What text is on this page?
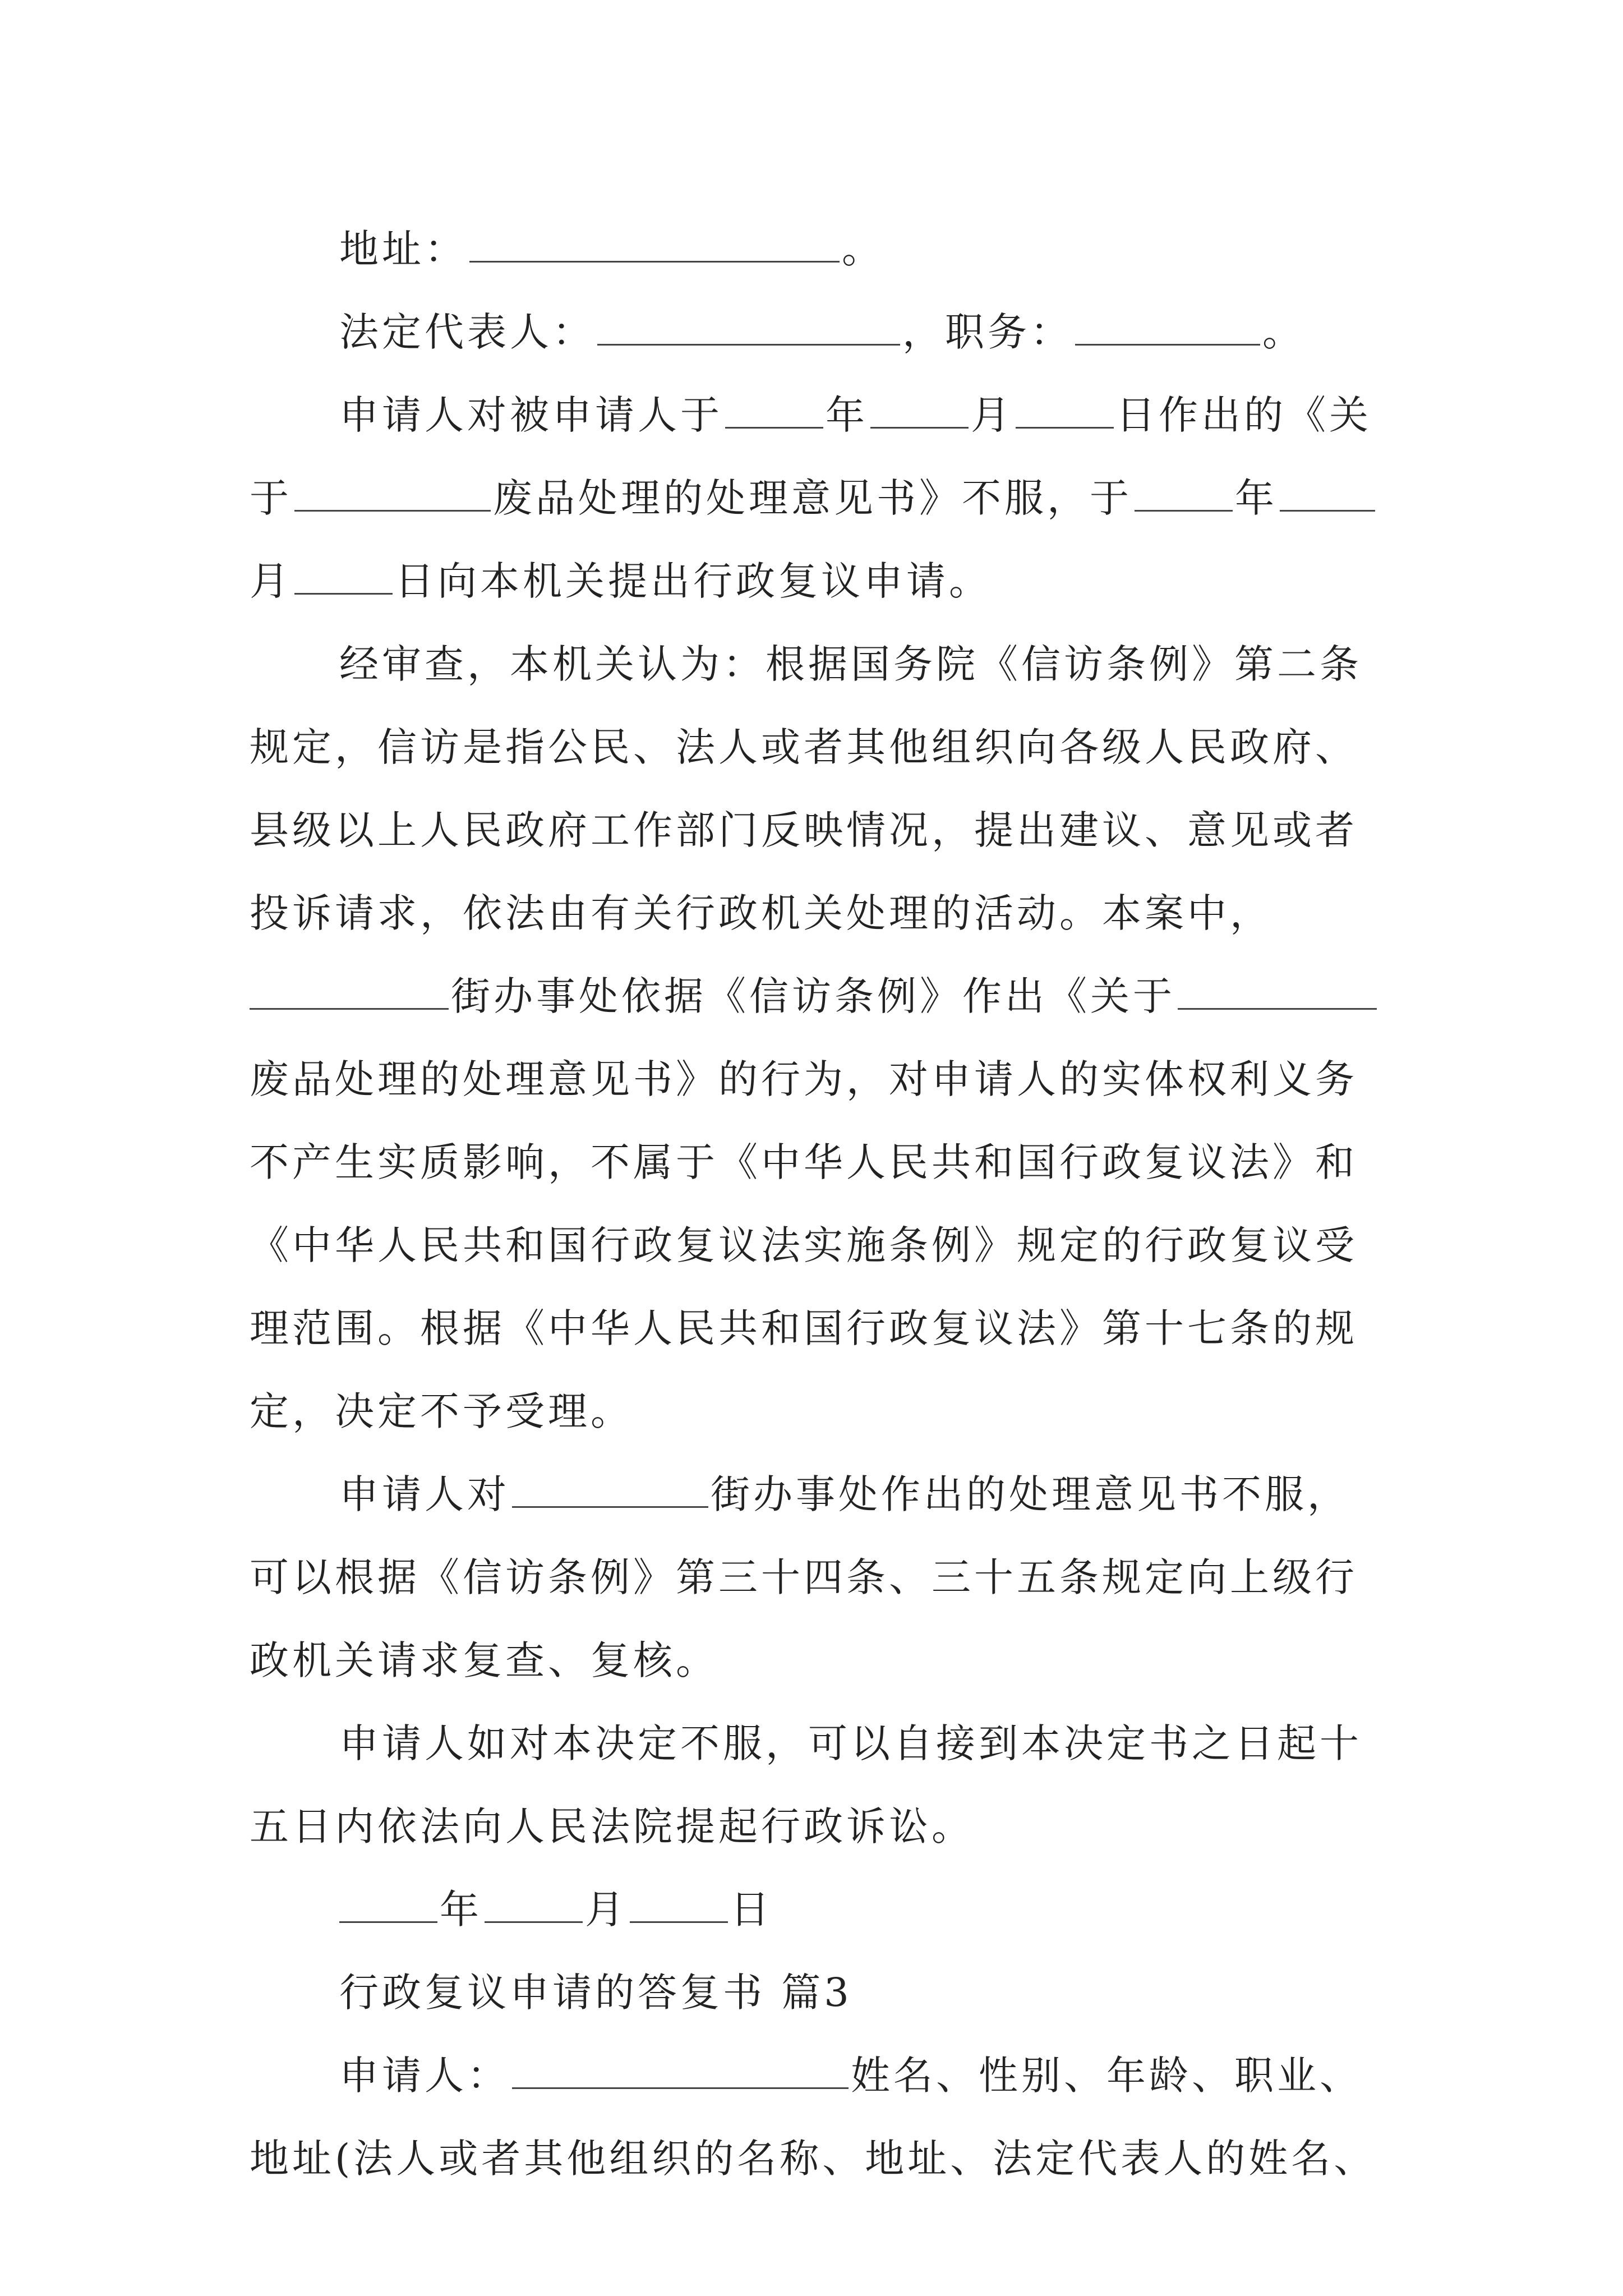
地址：	。
法定代表人：	，职务：	。
申请人对被申请人于	年	月	日作出的《关
于	废品处理的处理意见书》不服，于	年
月	日向本机关提出行政复议申请。
经审查，本机关认为：根据国务院《信访条例》第二条
规定，信访是指公民、法人或者其他组织向各级人民政府、
县级以上人民政府工作部门反映情况，提出建议、意见或者
投诉请求，依法由有关行政机关处理的活动。本案中，
街办事处依据《信访条例》作出《关于
废品处理的处理意见书》的行为，对申请人的实体权利义务
不产生实质影响，不属于《中华人民共和国行政复议法》和
《中华人民共和国行政复议法实施条例》规定的行政复议受
理范围。根据《中华人民共和国行政复议法》第十七条的规
定，决定不予受理。
申请人对	街办事处作出的处理意见书不服，
可以根据《信访条例》第三十四条、三十五条规定向上级行
政机关请求复查、复核。
申请人如对本决定不服，可以自接到本决定书之日起十
五日内依法向人民法院提起行政诉讼。
年	月	日
行政复议申请的答复书 篇3
申请人：	姓名、性别、年龄、职业、
地址(法人或者其他组织的名称、地址、法定代表人的姓名、
